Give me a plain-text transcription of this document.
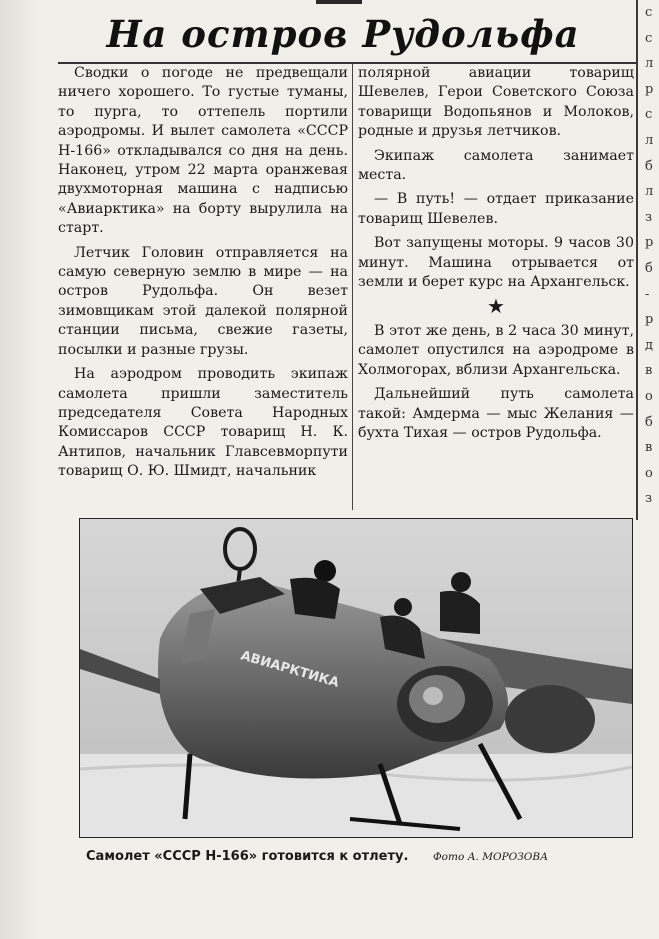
На остров Рудольфа

Сводки о погоде не предвещали ничего хорошего. То густые туманы, то пурга, то оттепель портили аэродромы. И вылет самолета «СССР Н-166» откладывался со дня на день. Наконец, утром 22 марта оранжевая двухмоторная машина с надписью «Авиарктика» на борту вырулила на старт.

Летчик Головин отправляется на самую северную землю в мире — на остров Рудольфа. Он везет зимовщикам этой далекой полярной станции письма, свежие газеты, посылки и разные грузы.

На аэродром проводить экипаж самолета пришли заместитель председателя Совета Народных Комиссаров СССР товарищ Н. К. Антипов, начальник Главсевморпути товарищ О. Ю. Шмидт, начальник

полярной авиации товарищ Шевелев, Герои Советского Союза товарищи Водопьянов и Молоков, родные и друзья летчиков.

Экипаж самолета занимает места.

— В путь! — отдает приказание товарищ Шевелев.

Вот запущены моторы. 9 часов 30 минут. Машина отрывается от земли и берет курс на Архангельск.

★

В этот же день, в 2 часа 30 минут, самолет опустился на аэродроме в Холмогорах, вблизи Архангельска.

Дальнейший путь самолета такой: Амдерма — мыс Желания — бухта Тихая — остров Рудольфа.

с
с
л
р
с
л
б
л
з
р
б
-
р
д
в
о
б
в
о
з
АВИАРКТИКА
Самолет «СССР Н-166» готовится к отлету. Фото А. МОРОЗОВА
